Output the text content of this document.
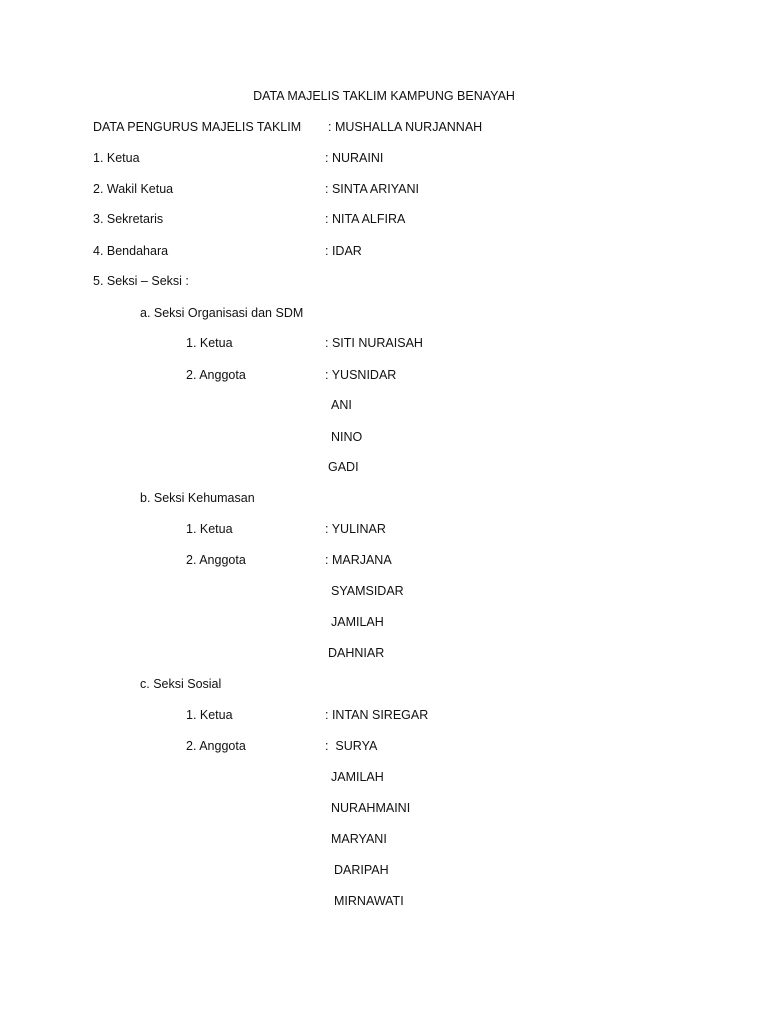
DATA MAJELIS TAKLIM KAMPUNG BENAYAH
DATA PENGURUS MAJELIS TAKLIM : MUSHALLA NURJANNAH
1. Ketua	: NURAINI
2. Wakil Ketua	: SINTA ARIYANI
3. Sekretaris	: NITA ALFIRA
4. Bendahara	: IDAR
5. Seksi – Seksi :
a. Seksi Organisasi dan SDM
1. Ketua	: SITI NURAISAH
2. Anggota	: YUSNIDAR
ANI
NINO
GADI
b. Seksi Kehumasan
1. Ketua	: YULINAR
2. Anggota	: MARJANA
SYAMSIDAR
JAMILAH
DAHNIAR
c. Seksi Sosial
1. Ketua	: INTAN SIREGAR
2. Anggota	:  SURYA
JAMILAH
NURAHMAINI
MARYANI
DARIPAH
MIRNAWATI
